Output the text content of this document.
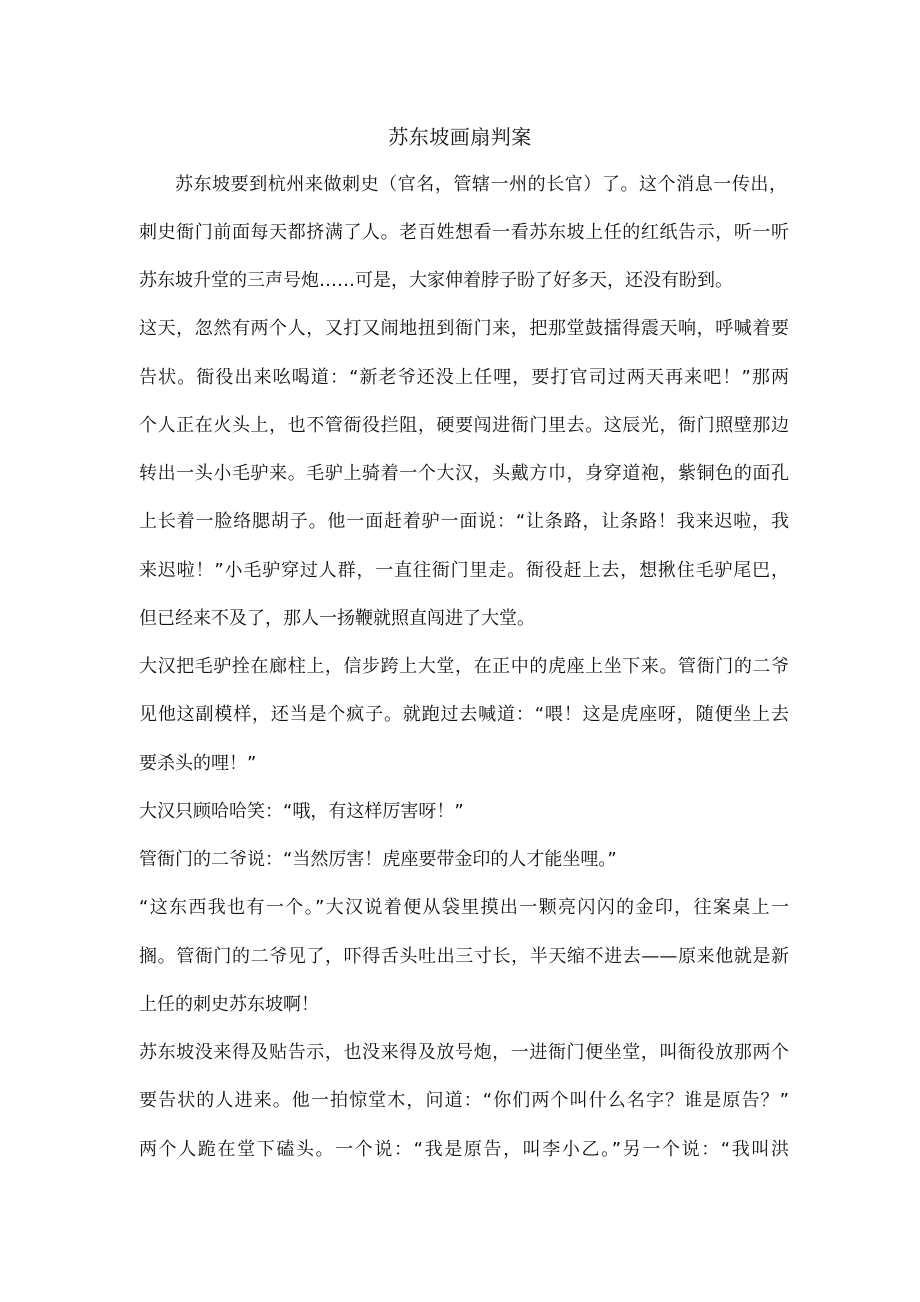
苏东坡画扇判案
苏东坡要到杭州来做刺史（官名，管辖一州的长官）了。这个消息一传出，
刺史衙门前面每天都挤满了人。老百姓想看一看苏东坡上任的红纸告示，听一听
苏东坡升堂的三声号炮……可是，大家伸着脖子盼了好多天，还没有盼到。
这天，忽然有两个人，又打又闹地扭到衙门来，把那堂鼓擂得震天响，呼喊着要
告状。衙役出来吆喝道：“新老爷还没上任哩，要打官司过两天再来吧！”那两
个人正在火头上，也不管衙役拦阻，硬要闯进衙门里去。这辰光，衙门照壁那边
转出一头小毛驴来。毛驴上骑着一个大汉，头戴方巾，身穿道袍，紫铜色的面孔
上长着一脸络腮胡子。他一面赶着驴一面说：“让条路，让条路！我来迟啦，我
来迟啦！”小毛驴穿过人群，一直往衙门里走。衙役赶上去，想揪住毛驴尾巴，
但已经来不及了，那人一扬鞭就照直闯进了大堂。
大汉把毛驴拴在廊柱上，信步跨上大堂，在正中的虎座上坐下来。管衙门的二爷
见他这副模样，还当是个疯子。就跑过去喊道：“喂！这是虎座呀，随便坐上去
要杀头的哩！”
大汉只顾哈哈笑：“哦，有这样厉害呀！”
管衙门的二爷说：“当然厉害！虎座要带金印的人才能坐哩。”
“这东西我也有一个。”大汉说着便从袋里摸出一颗亮闪闪的金印，往案桌上一
搁。管衙门的二爷见了，吓得舌头吐出三寸长，半天缩不进去——原来他就是新
上任的刺史苏东坡啊！
苏东坡没来得及贴告示，也没来得及放号炮，一进衙门便坐堂，叫衙役放那两个
要告状的人进来。他一拍惊堂木，问道：“你们两个叫什么名字？谁是原告？”
两个人跪在堂下磕头。一个说：“我是原告，叫李小乙。”另一个说：“我叫洪
